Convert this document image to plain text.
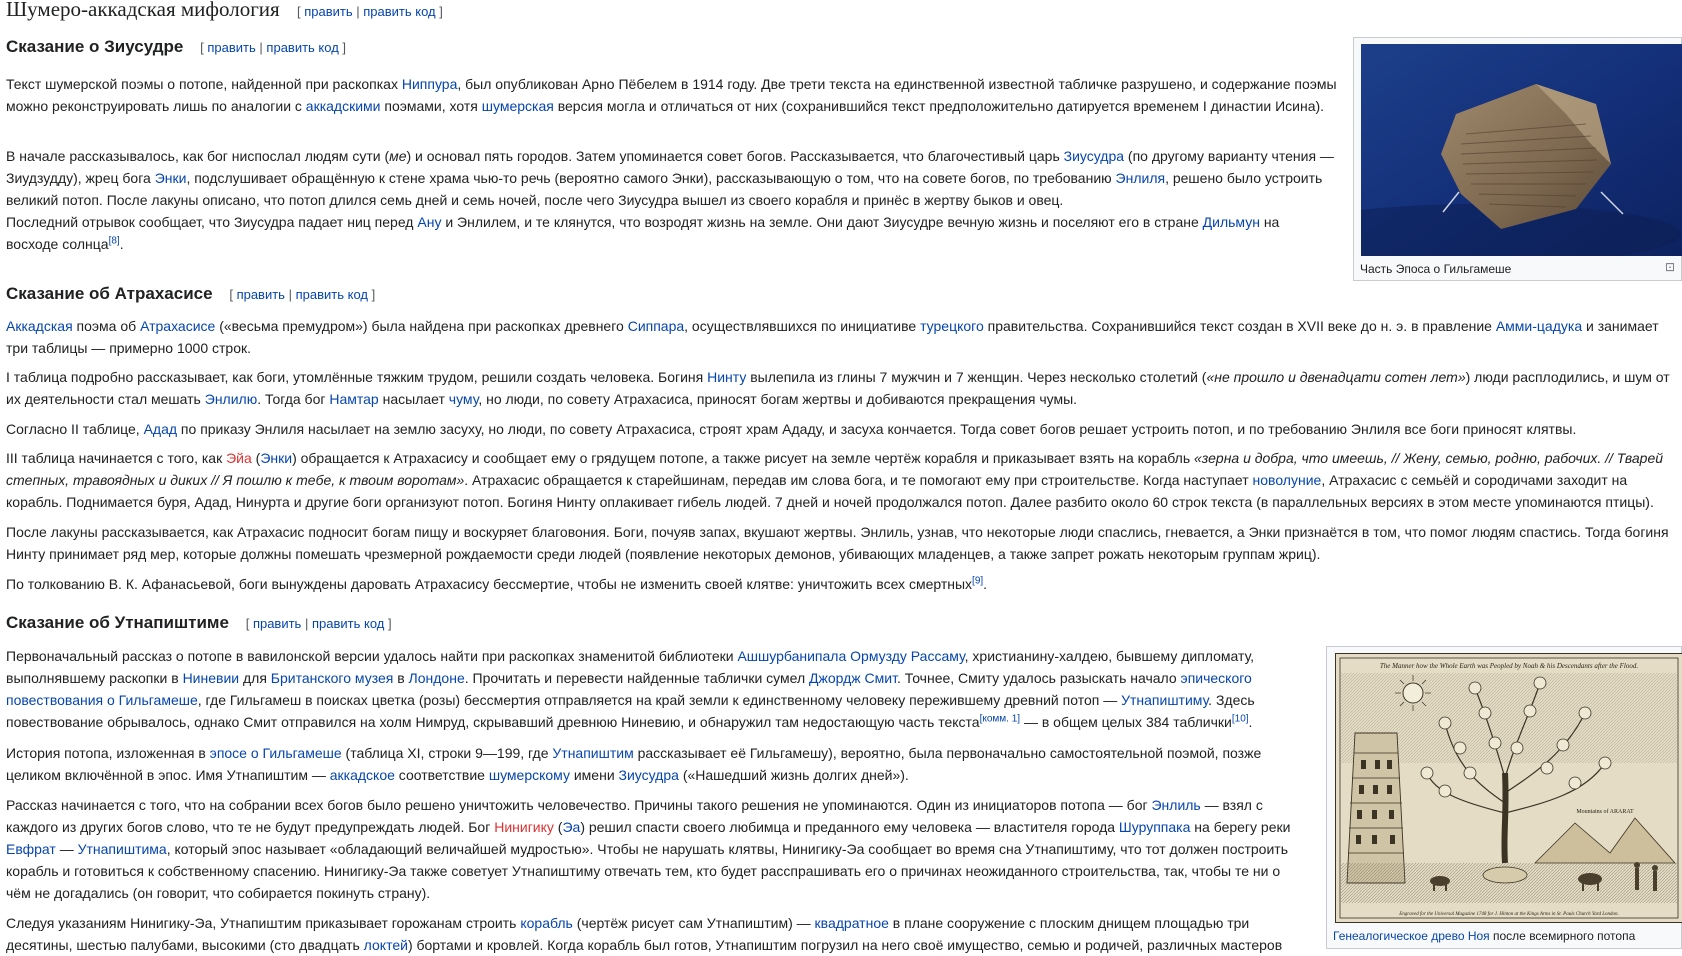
Шумеро-аккадская мифология [ править | править код ]
Сказание о Зиусудре [ править | править код ]

Текст шумерской поэмы о потопе, найденной при раскопках Ниппура, был опубликован Арно Пёбелем в 1914 году. Две трети текста на единственной известной табличке разрушено, и содержание поэмы можно реконструировать лишь по аналогии с аккадскими поэмами, хотя шумерская версия могла и отличаться от них (сохранившийся текст предположительно датируется временем I династии Исина).

В начале рассказывалось, как бог ниспослал людям сути (ме) и основал пять городов. Затем упоминается совет богов. Рассказывается, что благочестивый царь Зиусудра (по другому варианту чтения — Зиудзудду), жрец бога Энки, подслушивает обращённую к стене храма чью-то речь (вероятно самого Энки), рассказывающую о том, что на совете богов, по требованию Энлиля, решено было устроить великий потоп. После лакуны описано, что потоп длился семь дней и семь ночей, после чего Зиусудра вышел из своего корабля и принёс в жертву быков и овец.

Последний отрывок сообщает, что Зиусудра падает ниц перед Ану и Энлилем, и те клянутся, что возродят жизнь на земле. Они дают Зиусудре вечную жизнь и поселяют его в стране Дильмун на восходе солнца[8].

Часть Эпоса о Гильгамеше	⊡
Сказание об Атрахасисе [ править | править код ]

Аккадская поэма об Атрахасисе («весьма премудром») была найдена при раскопках древнего Сиппара, осуществлявшихся по инициативе турецкого правительства. Сохранившийся текст создан в XVII веке до н. э. в правление Амми-цадука и занимает три таблицы — примерно 1000 строк.

I таблица подробно рассказывает, как боги, утомлённые тяжким трудом, решили создать человека. Богиня Нинту вылепила из глины 7 мужчин и 7 женщин. Через несколько столетий («не прошло и двенадцати сотен лет») люди расплодились, и шум от их деятельности стал мешать Энлилю. Тогда бог Намтар насылает чуму, но люди, по совету Атрахасиса, приносят богам жертвы и добиваются прекращения чумы.

Согласно II таблице, Адад по приказу Энлиля насылает на землю засуху, но люди, по совету Атрахасиса, строят храм Ададу, и засуха кончается. Тогда совет богов решает устроить потоп, и по требованию Энлиля все боги приносят клятвы.

III таблица начинается с того, как Эйа (Энки) обращается к Атрахасису и сообщает ему о грядущем потопе, а также рисует на земле чертёж корабля и приказывает взять на корабль «зерна и добра, что имеешь, // Жену, семью, родню, рабочих. // Тварей степных, травоядных и диких // Я пошлю к тебе, к твоим воротам». Атрахасис обращается к старейшинам, передав им слова бога, и те помогают ему при строительстве. Когда наступает новолуние, Атрахасис с семьёй и сородичами заходит на корабль. Поднимается буря, Адад, Нинурта и другие боги организуют потоп. Богиня Нинту оплакивает гибель людей. 7 дней и ночей продолжался потоп. Далее разбито около 60 строк текста (в параллельных версиях в этом месте упоминаются птицы).

После лакуны рассказывается, как Атрахасис подносит богам пищу и воскуряет благовония. Боги, почуяв запах, вкушают жертвы. Энлиль, узнав, что некоторые люди спаслись, гневается, а Энки признаётся в том, что помог людям спастись. Тогда богиня Нинту принимает ряд мер, которые должны помешать чрезмерной рождаемости среди людей (появление некоторых демонов, убивающих младенцев, а также запрет рожать некоторым группам жриц).

По толкованию В. К. Афанасьевой, боги вынуждены даровать Атрахасису бессмертие, чтобы не изменить своей клятве: уничтожить всех смертных[9].

Сказание об Утнапиштиме [ править | править код ]

Первоначальный рассказ о потопе в вавилонской версии удалось найти при раскопках знаменитой библиотеки Ашшурбанипала Ормузду Рассаму, христианину-халдею, бывшему дипломату, выполнявшему раскопки в Ниневии для Британского музея в Лондоне. Прочитать и перевести найденные таблички сумел Джордж Смит. Точнее, Смиту удалось разыскать начало эпического повествования о Гильгамеше, где Гильгамеш в поисках цветка (розы) бессмертия отправляется на край земли к единственному человеку пережившему древний потоп — Утнапиштиму. Здесь повествование обрывалось, однако Смит отправился на холм Нимруд, скрывавший древнюю Ниневию, и обнаружил там недостающую часть текста[комм. 1] — в общем целых 384 таблички[10].

История потопа, изложенная в эпосе о Гильгамеше (таблица XI, строки 9—199, где Утнапиштим рассказывает её Гильгамешу), вероятно, была первоначально самостоятельной поэмой, позже целиком включённой в эпос. Имя Утнапиштим — аккадское соответствие шумерскому имени Зиусудра («Нашедший жизнь долгих дней»).

Рассказ начинается с того, что на собрании всех богов было решено уничтожить человечество. Причины такого решения не упоминаются. Один из инициаторов потопа — бог Энлиль — взял с каждого из других богов слово, что те не будут предупреждать людей. Бог Нинигику (Эа) решил спасти своего любимца и преданного ему человека — властителя города Шуруппака на берегу реки Евфрат — Утнапиштима, который эпос называет «обладающий величайшей мудростью». Чтобы не нарушать клятвы, Нинигику-Эа сообщает во время сна Утнапиштиму, что тот должен построить корабль и готовиться к собственному спасению. Нинигику-Эа также советует Утнапиштиму отвечать тем, кто будет расспрашивать его о причинах неожиданного строительства, так, чтобы те ни о чём не догадались (он говорит, что собирается покинуть страну).

Следуя указаниям Нинигику-Эа, Утнапиштим приказывает горожанам строить корабль (чертёж рисует сам Утнапиштим) — квадратное в плане сооружение с плоским днищем площадью три десятины, шестью палубами, высокими (сто двадцать локтей) бортами и кровлей. Когда корабль был готов, Утнапиштим погрузил на него своё имущество, семью и родичей, различных мастеров

The Manner how the Whole Earth was Peopled by Noah & his Descendants after the Flood.
Mountains of ARARAT
Engraved for the Universal Magazine 1748 for J. Hinton at the Kings Arms in St. Pauls Church Yard London.
Генеалогическое древо Ноя после всемирного потопа
